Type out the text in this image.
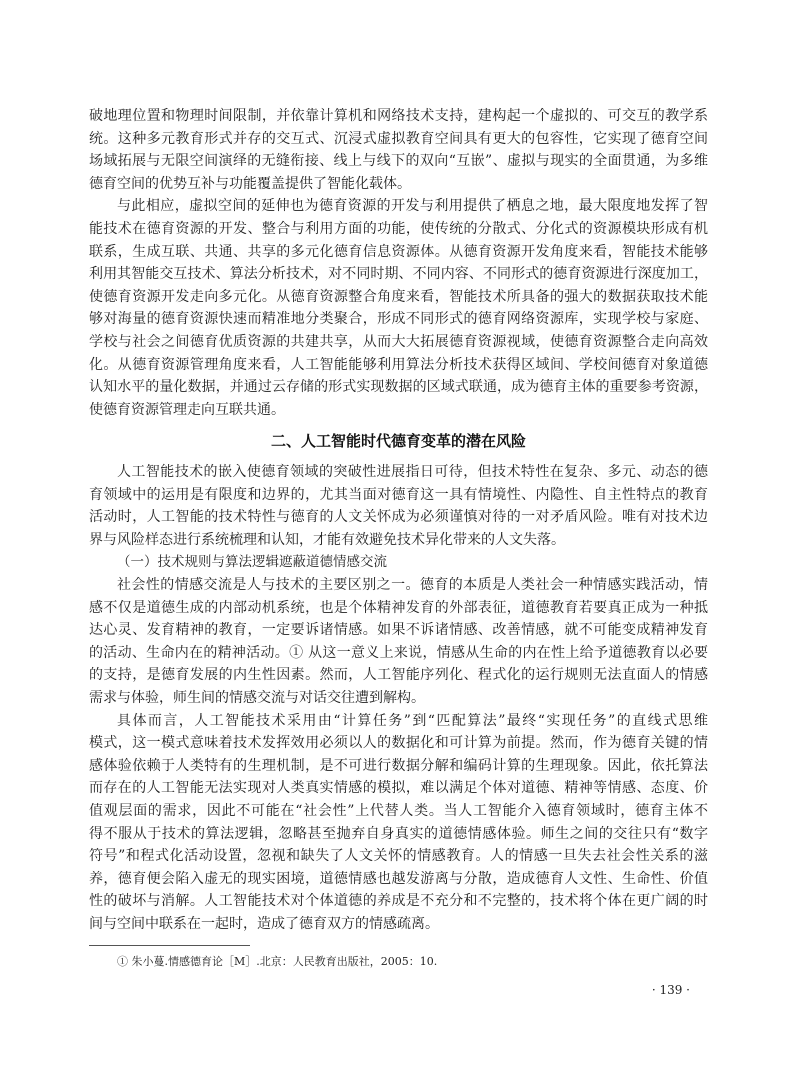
破地理位置和物理时间限制，并依靠计算机和网络技术支持，建构起一个虚拟的、可交互的教学系
统。这种多元教育形式并存的交互式、沉浸式虚拟教育空间具有更大的包容性，它实现了德育空间
场域拓展与无限空间演绎的无缝衔接、线上与线下的双向“互嵌”、虚拟与现实的全面贯通，为多维
德育空间的优势互补与功能覆盖提供了智能化载体。
与此相应，虚拟空间的延伸也为德育资源的开发与利用提供了栖息之地，最大限度地发挥了智
能技术在德育资源的开发、整合与利用方面的功能，使传统的分散式、分化式的资源模块形成有机
联系，生成互联、共通、共享的多元化德育信息资源体。从德育资源开发角度来看，智能技术能够
利用其智能交互技术、算法分析技术，对不同时期、不同内容、不同形式的德育资源进行深度加工，
使德育资源开发走向多元化。从德育资源整合角度来看，智能技术所具备的强大的数据获取技术能
够对海量的德育资源快速而精准地分类聚合，形成不同形式的德育网络资源库，实现学校与家庭、
学校与社会之间德育优质资源的共建共享，从而大大拓展德育资源视域，使德育资源整合走向高效
化。从德育资源管理角度来看，人工智能能够利用算法分析技术获得区域间、学校间德育对象道德
认知水平的量化数据，并通过云存储的形式实现数据的区域式联通，成为德育主体的重要参考资源，
使德育资源管理走向互联共通。
二、人工智能时代德育变革的潜在风险
人工智能技术的嵌入使德育领域的突破性进展指日可待，但技术特性在复杂、多元、动态的德
育领域中的运用是有限度和边界的，尤其当面对德育这一具有情境性、内隐性、自主性特点的教育
活动时，人工智能的技术特性与德育的人文关怀成为必须谨慎对待的一对矛盾风险。唯有对技术边
界与风险样态进行系统梳理和认知，才能有效避免技术异化带来的人文失落。
（一）技术规则与算法逻辑遮蔽道德情感交流
社会性的情感交流是人与技术的主要区别之一。德育的本质是人类社会一种情感实践活动，情
感不仅是道德生成的内部动机系统，也是个体精神发育的外部表征，道德教育若要真正成为一种抵
达心灵、发育精神的教育，一定要诉诸情感。如果不诉诸情感、改善情感，就不可能变成精神发育
的活动、生命内在的精神活动。① 从这一意义上来说，情感从生命的内在性上给予道德教育以必要
的支持，是德育发展的内生性因素。然而，人工智能序列化、程式化的运行规则无法直面人的情感
需求与体验，师生间的情感交流与对话交往遭到解构。
具体而言，人工智能技术采用由“计算任务”到“匹配算法”最终“实现任务”的直线式思维
模式，这一模式意味着技术发挥效用必须以人的数据化和可计算为前提。然而，作为德育关键的情
感体验依赖于人类特有的生理机制，是不可进行数据分解和编码计算的生理现象。因此，依托算法
而存在的人工智能无法实现对人类真实情感的模拟，难以满足个体对道德、精神等情感、态度、价
值观层面的需求，因此不可能在“社会性”上代替人类。当人工智能介入德育领域时，德育主体不
得不服从于技术的算法逻辑，忽略甚至抛弃自身真实的道德情感体验。师生之间的交往只有“数字
符号”和程式化活动设置，忽视和缺失了人文关怀的情感教育。人的情感一旦失去社会性关系的滋
养，德育便会陷入虚无的现实困境，道德情感也越发游离与分散，造成德育人文性、生命性、价值
性的破坏与消解。人工智能技术对个体道德的养成是不充分和不完整的，技术将个体在更广阔的时
间与空间中联系在一起时，造成了德育双方的情感疏离。
① 朱小蔓.情感德育论［M］.北京：人民教育出版社，2005：10.
· 139 ·
